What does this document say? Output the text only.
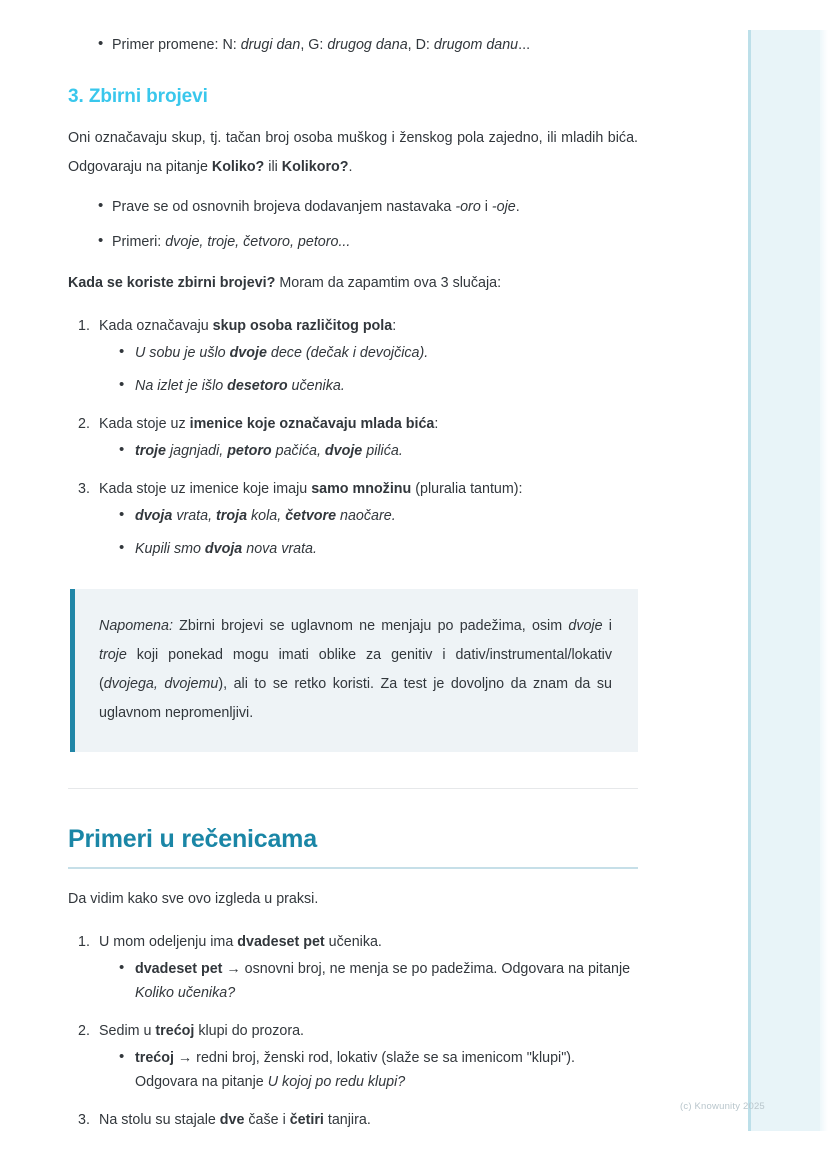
• Primer promene: N: drugi dan, G: drugog dana, D: drugom danu...
3. Zbirni brojevi

Oni označavaju skup, tj. tačan broj osoba muškog i ženskog pola zajedno, ili mladih bića. Odgovaraju na pitanje Koliko? ili Kolikoro?.

• Prave se od osnovnih brojeva dodavanjem nastavaka -oro i -oje.
• Primeri: dvoje, troje, četvoro, petoro...

Kada se koriste zbirni brojevi? Moram da zapamtim ova 3 slučaja:

Kada označavaju skup osoba različitog pola:
• U sobu je ušlo dvoje dece (dečak i devojčica).
• Na izlet je išlo desetoro učenika.
Kada stoje uz imenice koje označavaju mlada bića:
• troje jagnjadi, petoro pačića, dvoje pilića.
Kada stoje uz imenice koje imaju samo množinu (pluralia tantum):
• dvoja vrata, troja kola, četvore naočare.
• Kupili smo dvoja nova vrata.

Napomena: Zbirni brojevi se uglavnom ne menjaju po padežima, osim dvoje i troje koji ponekad mogu imati oblike za genitiv i dativ/instrumental/lokativ (dvojega, dvojemu), ali to se retko koristi. Za test je dovoljno da znam da su uglavnom nepromenljivi.

Primeri u rečenicama

Da vidim kako sve ovo izgleda u praksi.

U mom odeljenju ima dvadeset pet učenika.
• dvadeset pet → osnovni broj, ne menja se po padežima. Odgovara na pitanje Koliko učenika?
Sedim u trećoj klupi do prozora.
• trećoj → redni broj, ženski rod, lokativ (slaže se sa imenicom "klupi"). Odgovara na pitanje U kojoj po redu klupi?
Na stolu su stajale dve čaše i četiri tanjira.
(c) Knowunity 2025
